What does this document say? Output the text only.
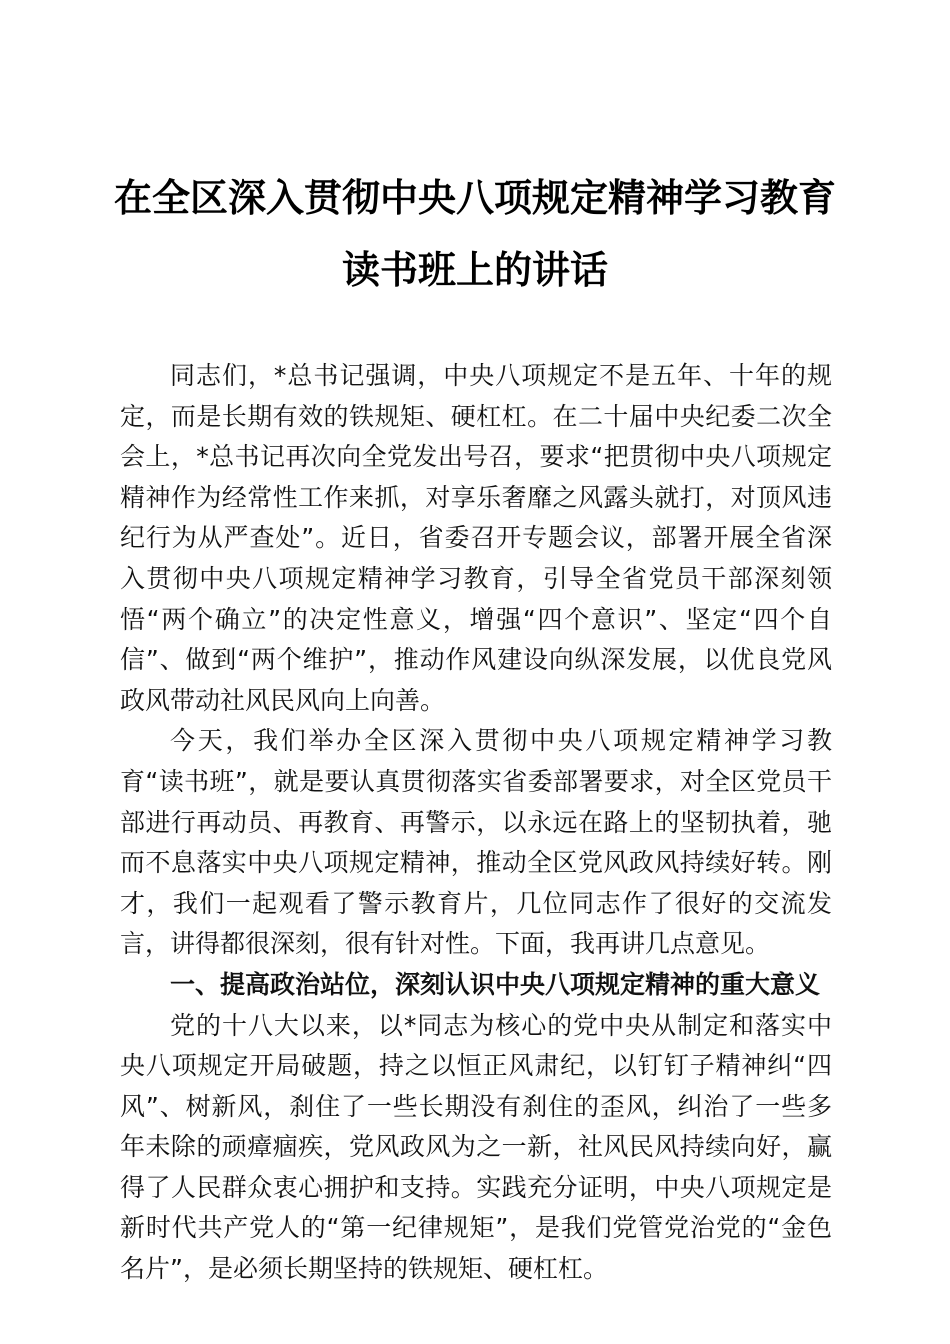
在全区深入贯彻中央八项规定精神学习教育读书班上的讲话

同志们，*总书记强调，中央八项规定不是五年、十年的规定，而是长期有效的铁规矩、硬杠杠。在二十届中央纪委二次全会上，*总书记再次向全党发出号召，要求“把贯彻中央八项规定精神作为经常性工作来抓，对享乐奢靡之风露头就打，对顶风违纪行为从严查处”。近日，省委召开专题会议，部署开展全省深入贯彻中央八项规定精神学习教育，引导全省党员干部深刻领悟“两个确立”的决定性意义，增强“四个意识”、坚定“四个自信”、做到“两个维护”，推动作风建设向纵深发展，以优良党风政风带动社风民风向上向善。

今天，我们举办全区深入贯彻中央八项规定精神学习教育“读书班”，就是要认真贯彻落实省委部署要求，对全区党员干部进行再动员、再教育、再警示，以永远在路上的坚韧执着，驰而不息落实中央八项规定精神，推动全区党风政风持续好转。刚才，我们一起观看了警示教育片，几位同志作了很好的交流发言，讲得都很深刻，很有针对性。下面，我再讲几点意见。

一、提高政治站位，深刻认识中央八项规定精神的重大意义

党的十八大以来，以*同志为核心的党中央从制定和落实中央八项规定开局破题，持之以恒正风肃纪，以钉钉子精神纠“四风”、树新风，刹住了一些长期没有刹住的歪风，纠治了一些多年未除的顽瘴痼疾，党风政风为之一新，社风民风持续向好，赢得了人民群众衷心拥护和支持。实践充分证明，中央八项规定是新时代共产党人的“第一纪律规矩”，是我们党管党治党的“金色名片”，是必须长期坚持的铁规矩、硬杠杠。
